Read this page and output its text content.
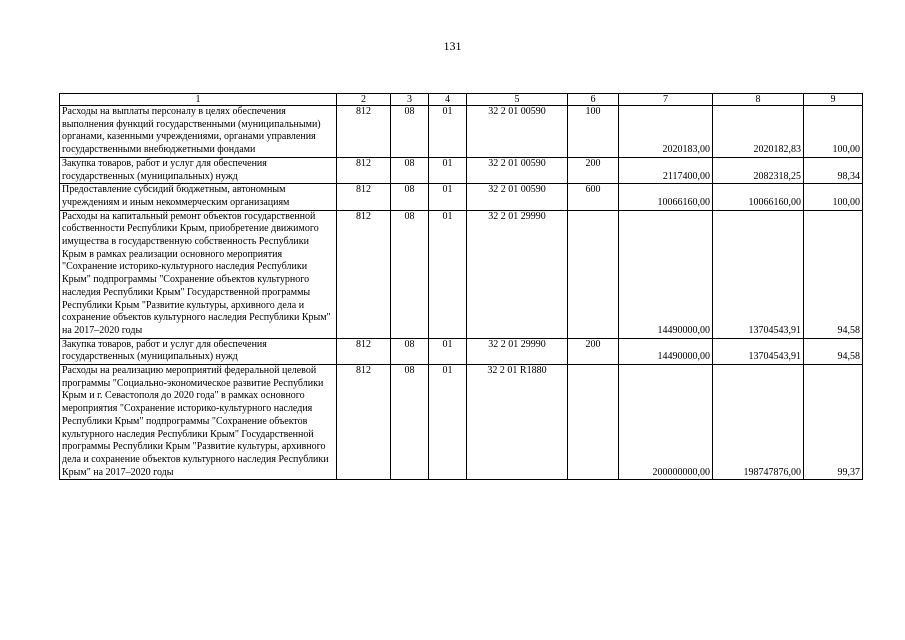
131
1	2	3	4	5	6	7	8	9
Расходы на выплаты персоналу в целях обеспечения выполнения функций государственными (муниципальными) органами, казенными учреждениями, органами управления государственными внебюджетными фондами	812	08	01	32 2 01 00590	100	2020183,00	2020182,83	100,00
Закупка товаров, работ и услуг для обеспечения государственных (муниципальных) нужд	812	08	01	32 2 01 00590	200	2117400,00	2082318,25	98,34
Предоставление субсидий бюджетным, автономным учреждениям и иным некоммерческим организациям	812	08	01	32 2 01 00590	600	10066160,00	10066160,00	100,00
Расходы на капитальный ремонт объектов государственной собственности Республики Крым, приобретение движимого имущества в государственную собственность Республики Крым в рамках реализации основного мероприятия "Сохранение историко-культурного наследия Республики Крым" подпрограммы "Сохранение объектов культурного наследия Республики Крым" Государственной программы Республики Крым "Развитие культуры, архивного дела и сохранение объектов культурного наследия Республики Крым" на 2017–2020 годы	812	08	01	32 2 01 29990		14490000,00	13704543,91	94,58
Закупка товаров, работ и услуг для обеспечения государственных (муниципальных) нужд	812	08	01	32 2 01 29990	200	14490000,00	13704543,91	94,58
Расходы на реализацию мероприятий федеральной целевой программы "Социально-экономическое развитие Республики Крым и г. Севастополя до 2020 года" в рамках основного мероприятия "Сохранение историко-культурного наследия Республики Крым" подпрограммы "Сохранение объектов культурного наследия Республики Крым" Государственной программы Республики Крым "Развитие культуры, архивного дела и сохранение объектов культурного наследия Республики Крым" на 2017–2020 годы	812	08	01	32 2 01 R1880		200000000,00	198747876,00	99,37
